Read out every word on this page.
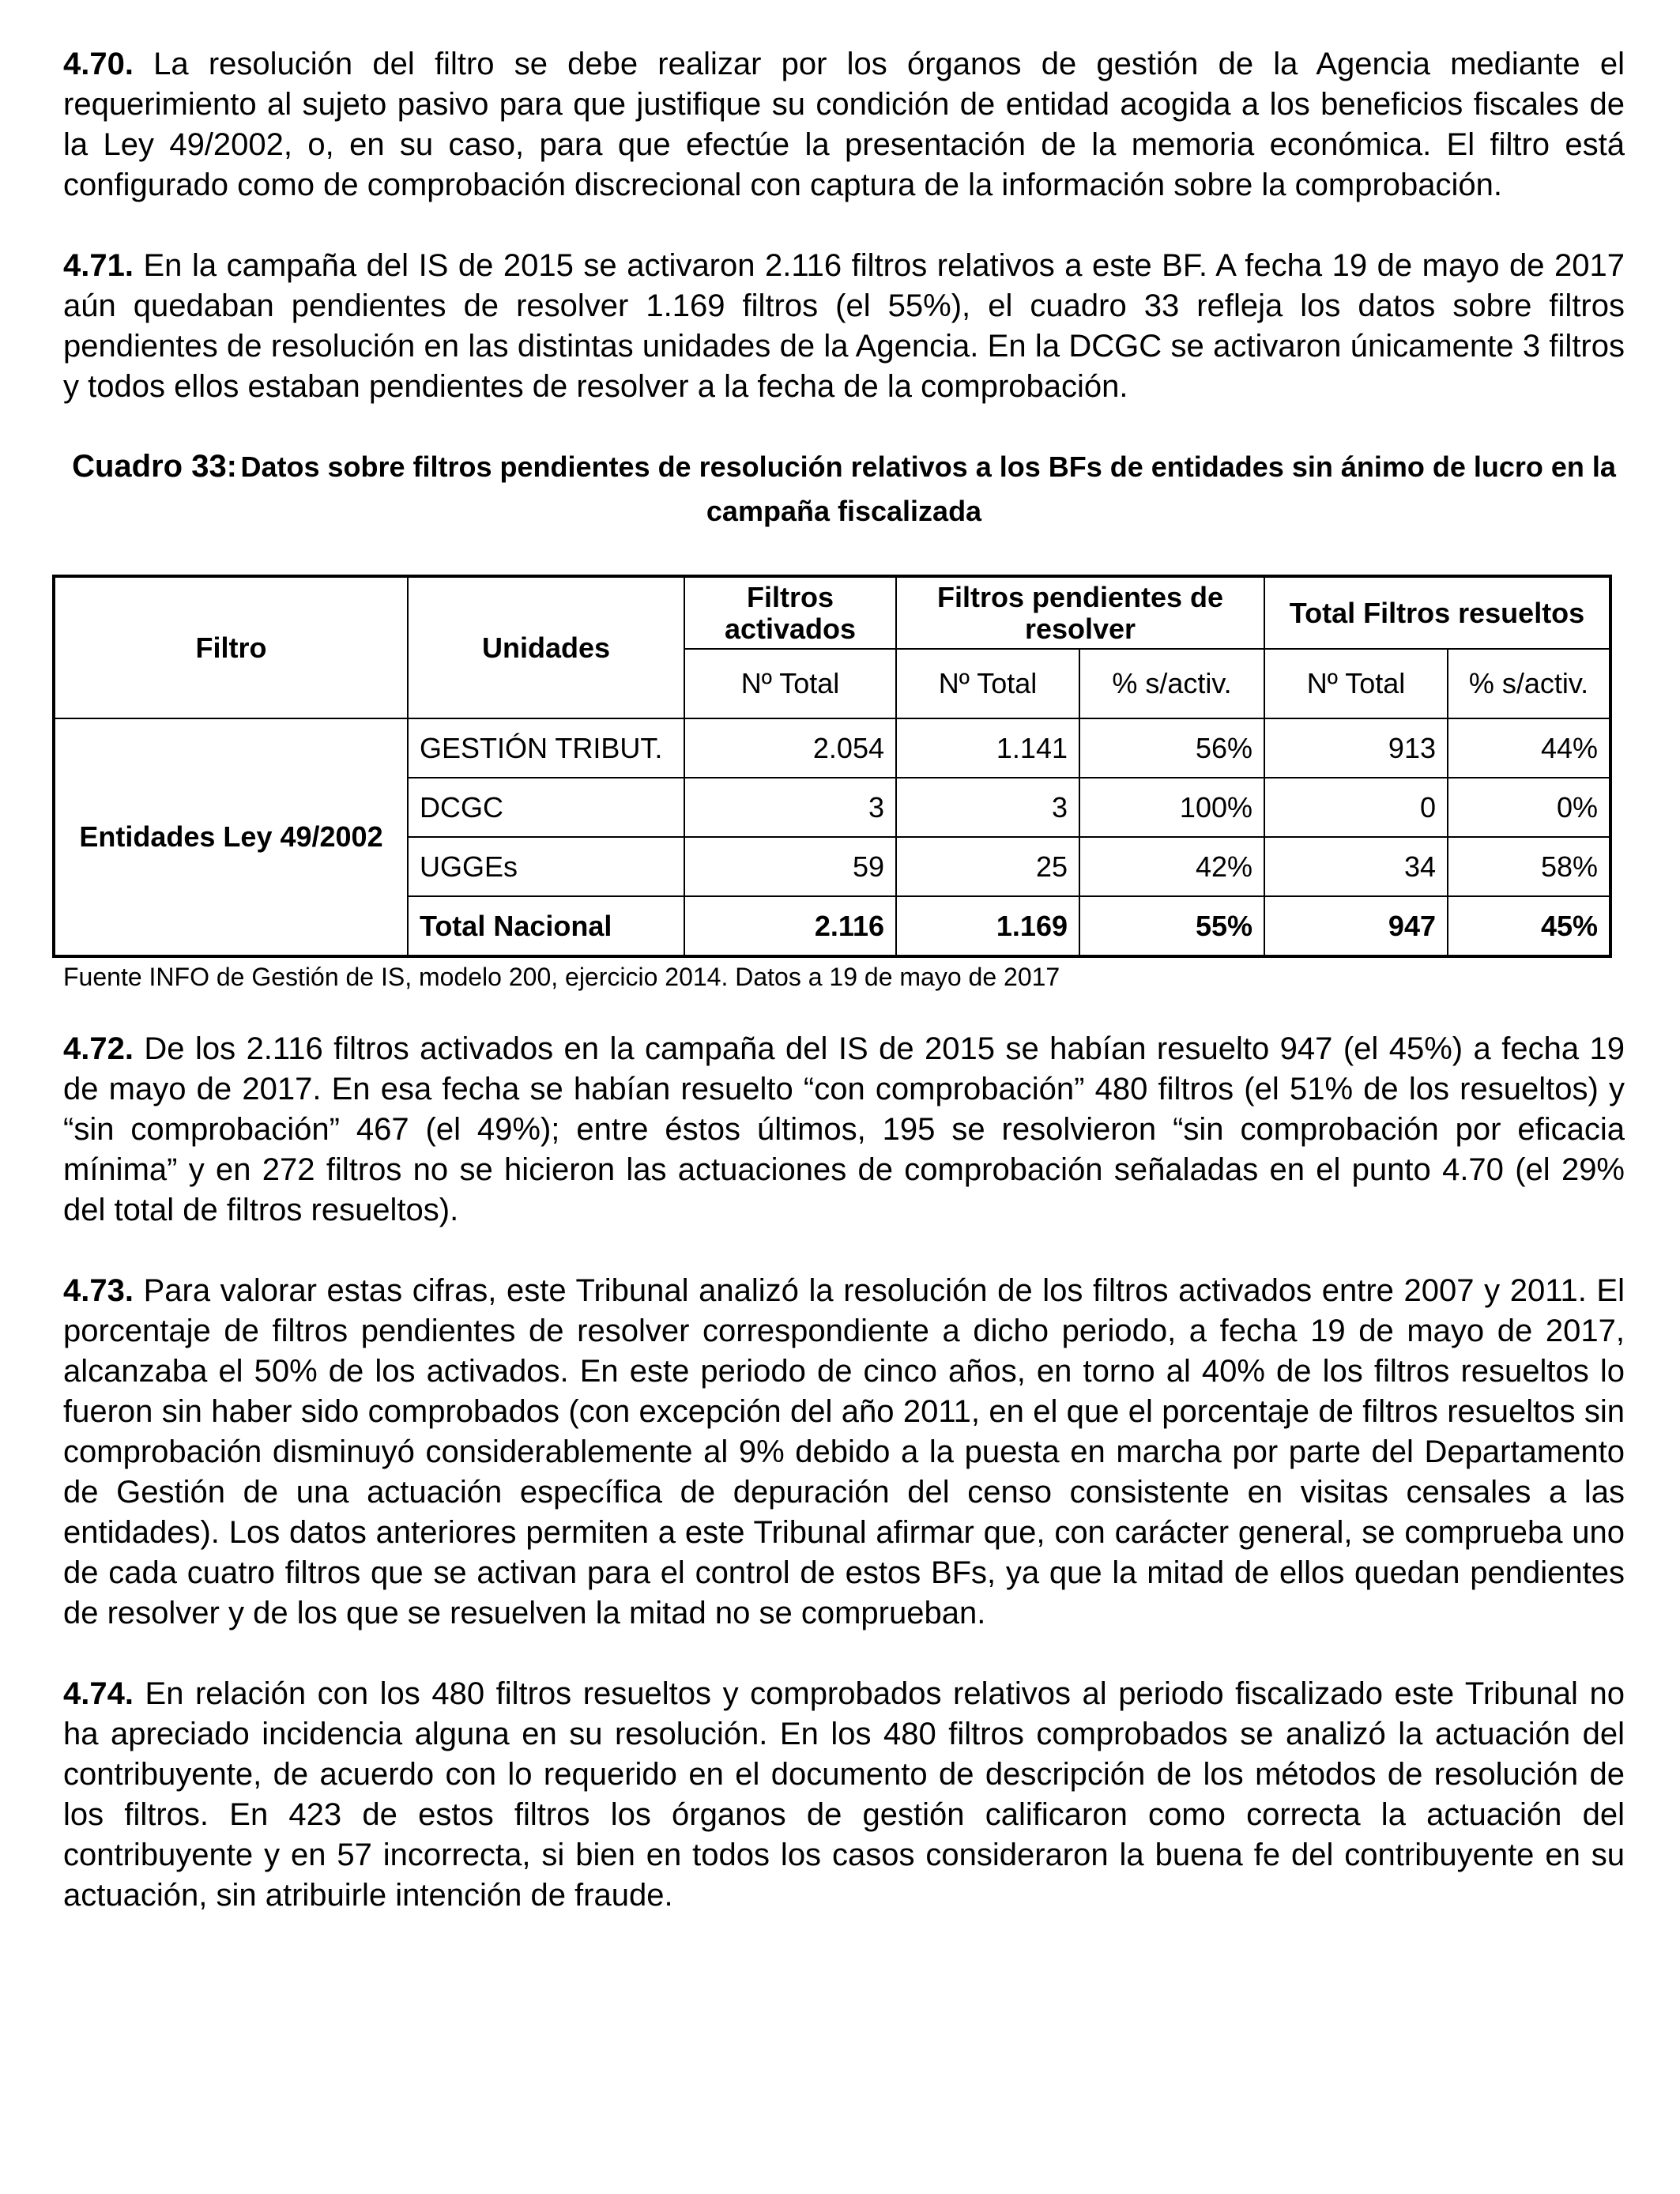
4.70. La resolución del filtro se debe realizar por los órganos de gestión de la Agencia mediante el requerimiento al sujeto pasivo para que justifique su condición de entidad acogida a los beneficios fiscales de la Ley 49/2002, o, en su caso, para que efectúe la presentación de la memoria económica. El filtro está configurado como de comprobación discrecional con captura de la información sobre la comprobación.

4.71. En la campaña del IS de 2015 se activaron 2.116 filtros relativos a este BF. A fecha 19 de mayo de 2017 aún quedaban pendientes de resolver 1.169 filtros (el 55%), el cuadro 33 refleja los datos sobre filtros pendientes de resolución en las distintas unidades de la Agencia. En la DCGC se activaron únicamente 3 filtros y todos ellos estaban pendientes de resolver a la fecha de la comprobación.

Cuadro 33: Datos sobre filtros pendientes de resolución relativos a los BFs de entidades sin ánimo de lucro en la campaña fiscalizada
Filtro	Unidades	Filtros activados	Filtros pendientes de resolver		Total Filtros resueltos	
		Nº Total	Nº Total	% s/activ.	Nº Total	% s/activ.
Entidades Ley 49/2002	GESTIÓN TRIBUT.	2.054	1.141	56%	913	44%
	DCGC	3	3	100%	0	0%
	UGGEs	59	25	42%	34	58%
	Total Nacional	2.116	1.169	55%	947	45%
Fuente INFO de Gestión de IS, modelo 200, ejercicio 2014. Datos a 19 de mayo de 2017

4.72. De los 2.116 filtros activados en la campaña del IS de 2015 se habían resuelto 947 (el 45%) a fecha 19 de mayo de 2017. En esa fecha se habían resuelto “con comprobación” 480 filtros (el 51% de los resueltos) y “sin comprobación” 467 (el 49%); entre éstos últimos, 195 se resolvieron “sin comprobación por eficacia mínima” y en 272 filtros no se hicieron las actuaciones de comprobación señaladas en el punto 4.70 (el 29% del total de filtros resueltos).

4.73. Para valorar estas cifras, este Tribunal analizó la resolución de los filtros activados entre 2007 y 2011. El porcentaje de filtros pendientes de resolver correspondiente a dicho periodo, a fecha 19 de mayo de 2017, alcanzaba el 50% de los activados. En este periodo de cinco años, en torno al 40% de los filtros resueltos lo fueron sin haber sido comprobados (con excepción del año 2011, en el que el porcentaje de filtros resueltos sin comprobación disminuyó considerablemente al 9% debido a la puesta en marcha por parte del Departamento de Gestión de una actuación específica de depuración del censo consistente en visitas censales a las entidades). Los datos anteriores permiten a este Tribunal afirmar que, con carácter general, se comprueba uno de cada cuatro filtros que se activan para el control de estos BFs, ya que la mitad de ellos quedan pendientes de resolver y de los que se resuelven la mitad no se comprueban.

4.74. En relación con los 480 filtros resueltos y comprobados relativos al periodo fiscalizado este Tribunal no ha apreciado incidencia alguna en su resolución. En los 480 filtros comprobados se analizó la actuación del contribuyente, de acuerdo con lo requerido en el documento de descripción de los métodos de resolución de los filtros. En 423 de estos filtros los órganos de gestión calificaron como correcta la actuación del contribuyente y en 57 incorrecta, si bien en todos los casos consideraron la buena fe del contribuyente en su actuación, sin atribuirle intención de fraude.
